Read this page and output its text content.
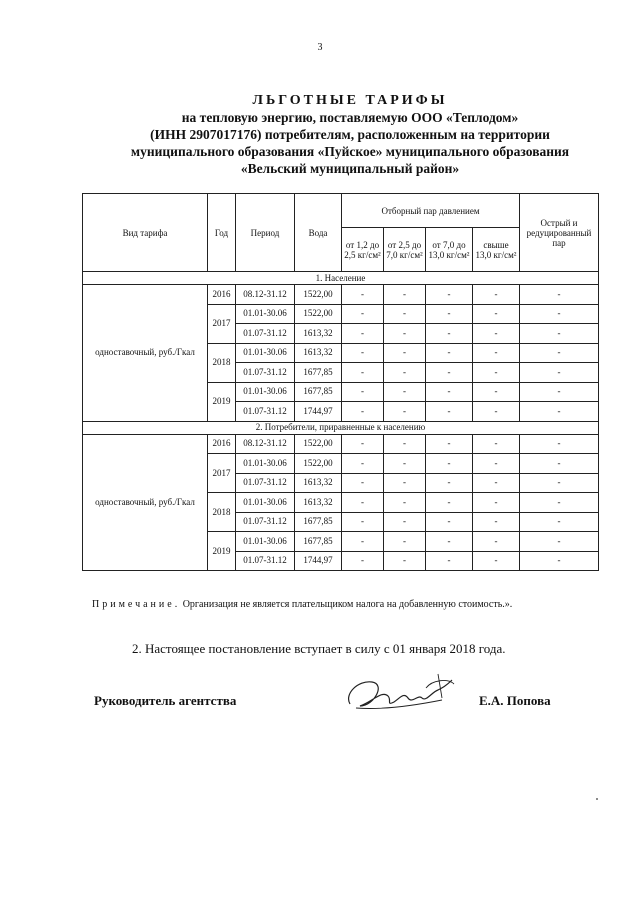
3
ЛЬГОТНЫЕ ТАРИФЫ
на тепловую энергию, поставляемую ООО «Теплодом»
(ИНН 2907017176) потребителям, расположенным на территории
муниципального образования «Пуйское» муниципального образования
«Вельский муниципальный район»
Вид тарифа	Год	Период	Вода	Отборный пар давлением				Острый и редуцированный пар
				от 1,2 до 2,5 кг/см²	от 2,5 до 7,0 кг/см²	от 7,0 до 13,0 кг/см²	свыше 13,0 кг/см²	
1. Население								
одноставочный, руб./Гкал	2016	08.12-31.12	1522,00	-	-	-	-	-
	2017	01.01-30.06	1522,00	-	-	-	-	-
		01.07-31.12	1613,32	-	-	-	-	-
	2018	01.01-30.06	1613,32	-	-	-	-	-
		01.07-31.12	1677,85	-	-	-	-	-
	2019	01.01-30.06	1677,85	-	-	-	-	-
		01.07-31.12	1744,97	-	-	-	-	-
2. Потребители, приравненные к населению								
одноставочный, руб./Гкал	2016	08.12-31.12	1522,00	-	-	-	-	-
	2017	01.01-30.06	1522,00	-	-	-	-	-
		01.07-31.12	1613,32	-	-	-	-	-
	2018	01.01-30.06	1613,32	-	-	-	-	-
		01.07-31.12	1677,85	-	-	-	-	-
	2019	01.01-30.06	1677,85	-	-	-	-	-
		01.07-31.12	1744,97	-	-	-	-	-
Примечание. Организация не является плательщиком налога на добавленную стоимость.».
2. Настоящее постановление вступает в силу с 01 января 2018 года.
Руководитель агентства	Е.А. Попова
